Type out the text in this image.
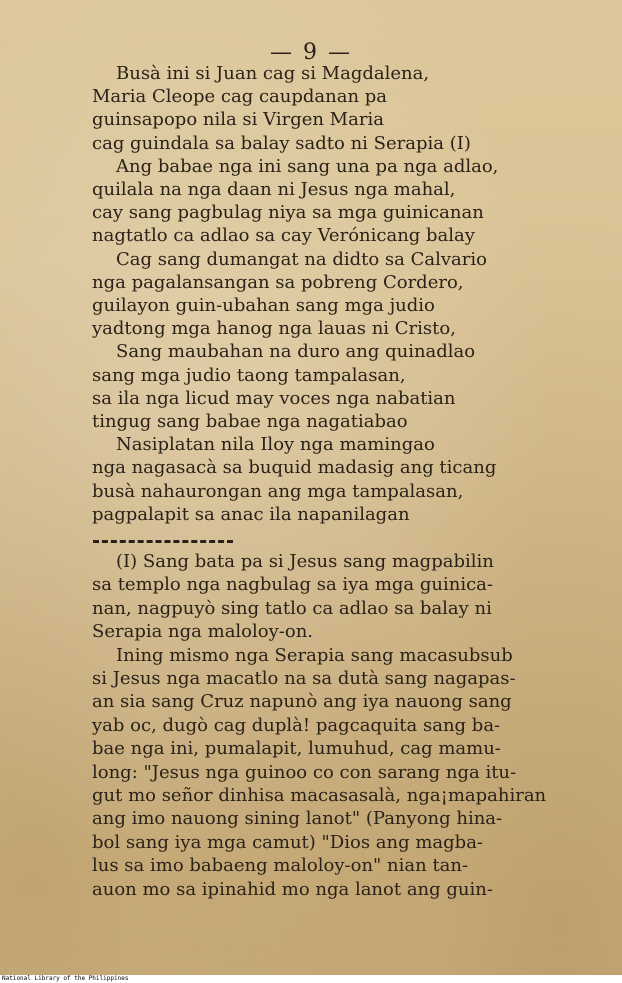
— 9 —
Busà ini si Juan cag si Magdalena,
Maria Cleope cag caupdanan pa
guinsapopo nila si Virgen Maria
cag guindala sa balay sadto ni Serapia (I)
Ang babae nga ini sang una pa nga adlao,
quilala na nga daan ni Jesus nga mahal,
cay sang pagbulag niya sa mga guinicanan
nagtatlo ca adlao sa cay Verónicang balay
Cag sang dumangat na didto sa Calvario
nga pagalansangan sa pobreng Cordero,
guilayon guin-ubahan sang mga judio
yadtong mga hanog nga lauas ni Cristo,
Sang maubahan na duro ang quinadlao
sang mga judio taong tampalasan,
sa ila nga licud may voces nga nabatian
tingug sang babae nga nagatiabao
Nasiplatan nila Iloy nga mamingao
nga nagasacà sa buquid madasig ang ticang
busà nahaurongan ang mga tampalasan,
pagpalapit sa anac ila napanilagan
(I) Sang bata pa si Jesus sang magpabilin
sa templo nga nagbulag sa iya mga guinica-
nan, nagpuyò sing tatlo ca adlao sa balay ni
Serapia nga maloloy-on.
Ining mismo nga Serapia sang macasubsub
si Jesus nga macatlo na sa dutà sang nagapas-
an sia sang Cruz napunò ang iya nauong sang
yab oc, dugò cag duplà! pagcaquita sang ba-
bae nga ini, pumalapit, lumuhud, cag mamu-
long: "Jesus nga guinoo co con sarang nga itu-
gut mo señor dinhisa macasasalà, nga¡mapahiran
ang imo nauong sining lanot" (Panyong hina-
bol sang iya mga camut) "Dios ang magba-
lus sa imo babaeng maloloy-on" nian tan-
auon mo sa ipinahid mo nga lanot ang guin-
National Library of the Philippines
